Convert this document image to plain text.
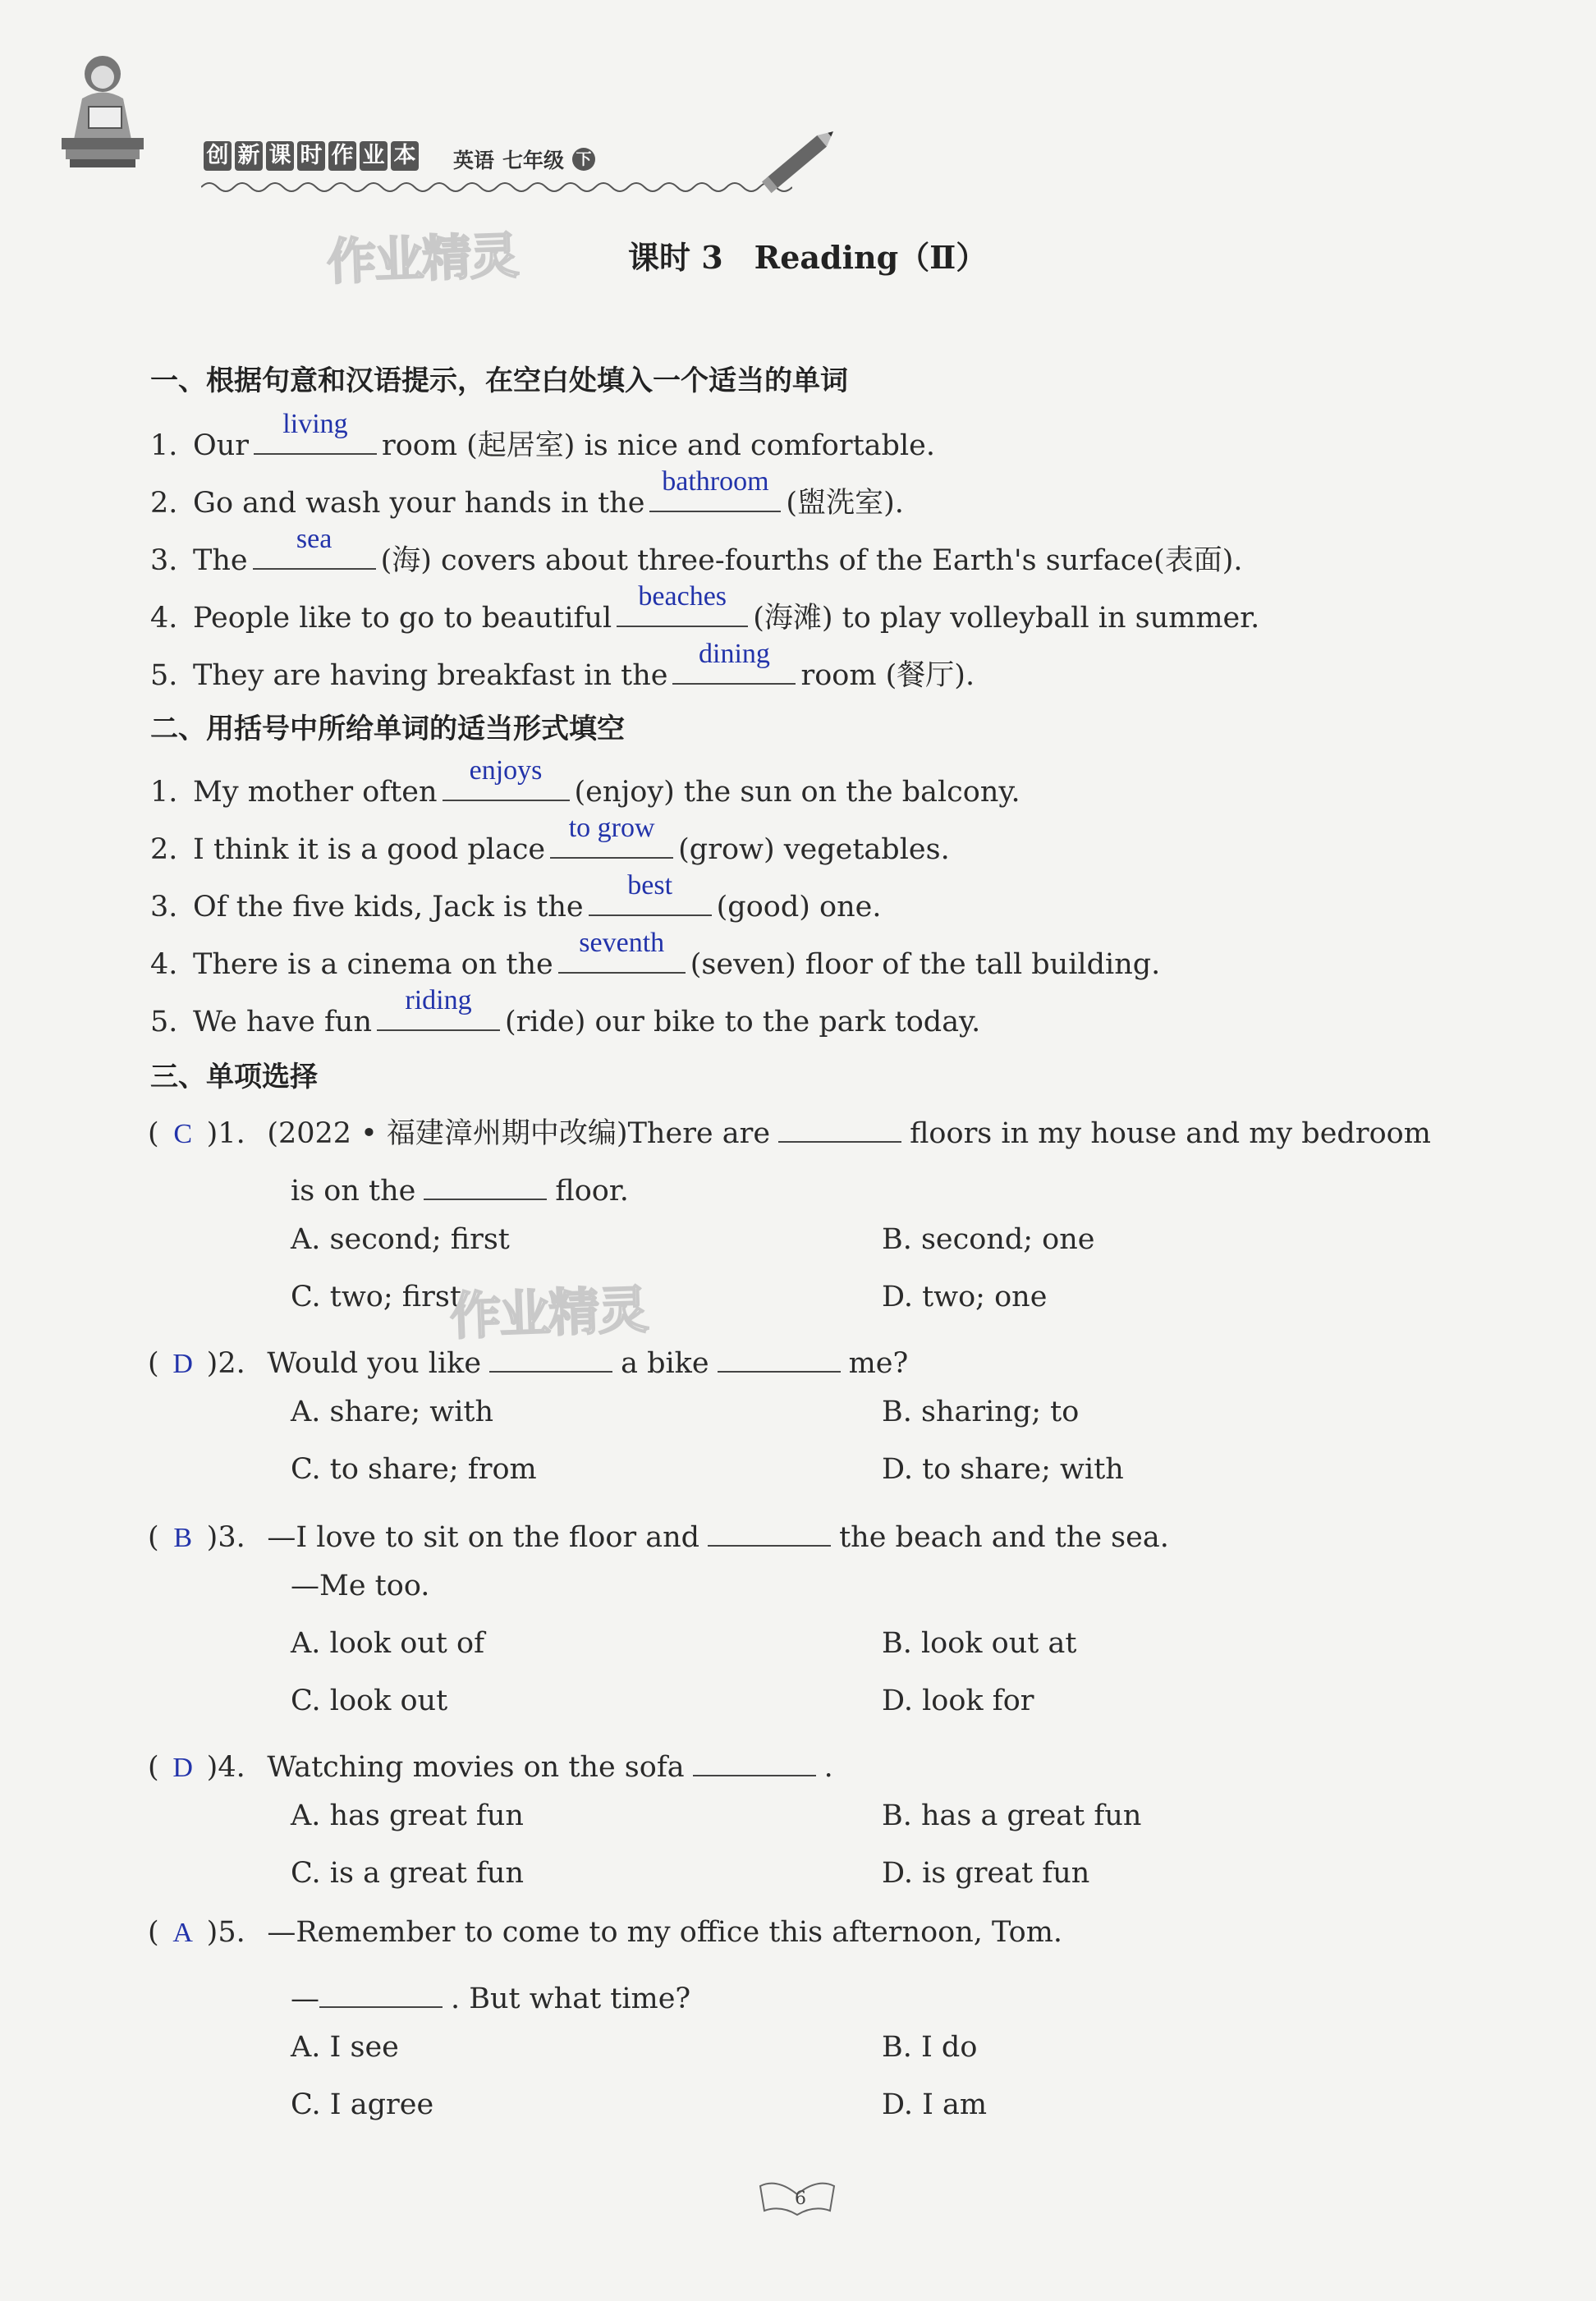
创 新 课 时 作 业 本 英语 七年级 下
作业精灵	课时 3　Reading（Ⅱ）
一、根据句意和汉语提示，在空白处填入一个适当的单词
1. Our
living
room (起居室) is nice and comfortable.
2. Go and wash your hands in the
bathroom
(盥洗室).
3. The
sea
(海) covers about three-fourths of the Earth's surface(表面).
4. People like to go to beautiful
beaches
(海滩) to play volleyball in summer.
5. They are having breakfast in the
dining
room (餐厅).
二、用括号中所给单词的适当形式填空
1. My mother often
enjoys
(enjoy) the sun on the balcony.
2. I think it is a good place
to grow
(grow) vegetables.
3. Of the five kids, Jack is the
best
(good) one.
4. There is a cinema on the
seventh
(seven) floor of the tall building.
5. We have fun
riding
(ride) our bike to the park today.
三、单项选择
( C ) 1. (2022 • 福建漳州期中改编)There are	floors in my house and my bedroom
is on the	floor.
A. second; first	B. second; one
C. two; first	D. two; one
作业精灵
( D ) 2. Would you like	a bike	me?
A. share; with	B. sharing; to
C. to share; from	D. to share; with
( B ) 3. —I love to sit on the floor and	the beach and the sea.
—Me too.
A. look out of	B. look out at
C. look out	D. look for
( D ) 4. Watching movies on the sofa	.
A. has great fun	B. has a great fun
C. is a great fun	D. is great fun
( A ) 5. —Remember to come to my office this afternoon, Tom.
—	. But what time?
A. I see	B. I do
C. I agree	D. I am
6
